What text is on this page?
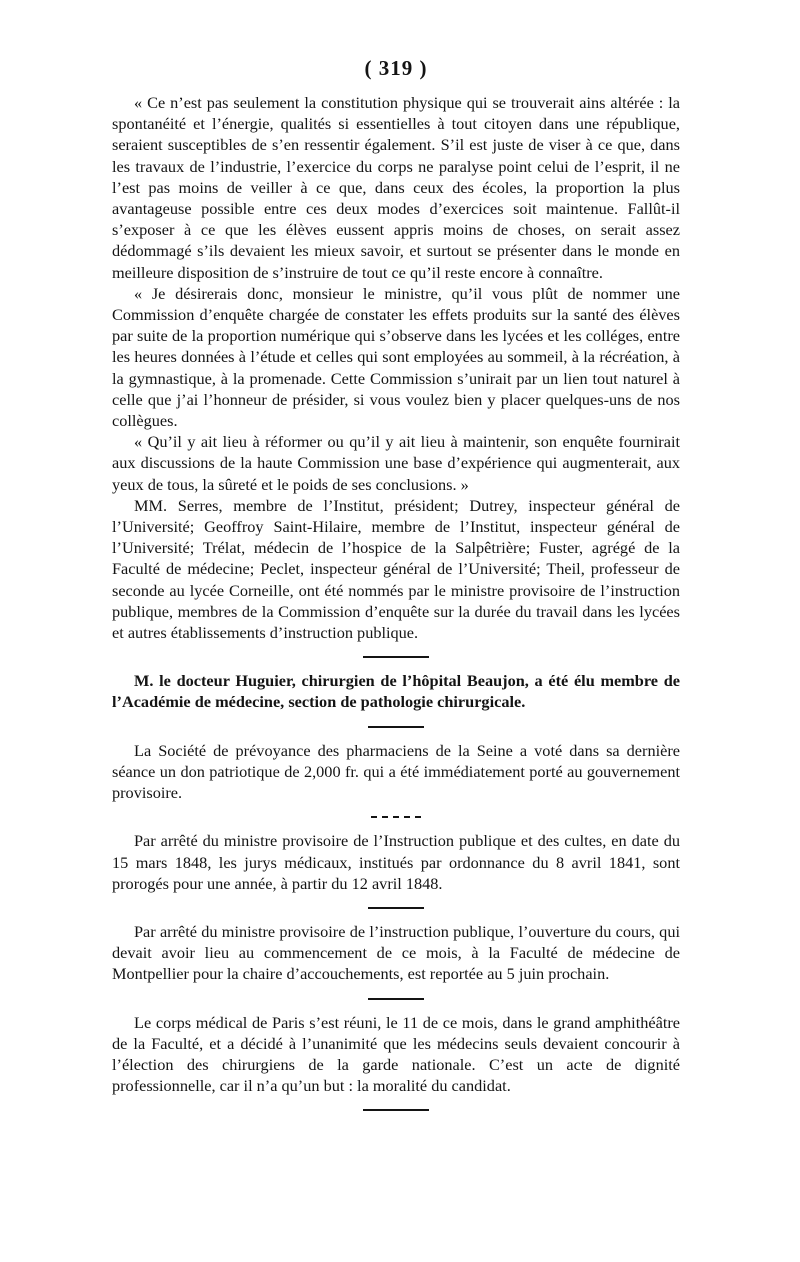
( 319 )

« Ce n’est pas seulement la constitution physique qui se trouverait ains altérée : la spontanéité et l’énergie, qualités si essentielles à tout citoyen dans une république, seraient susceptibles de s’en ressentir également. S’il est juste de viser à ce que, dans les travaux de l’industrie, l’exercice du corps ne paralyse point celui de l’esprit, il ne l’est pas moins de veiller à ce que, dans ceux des écoles, la proportion la plus avantageuse possible entre ces deux modes d’exercices soit maintenue. Fallût-il s’exposer à ce que les élèves eussent appris moins de choses, on serait assez dédommagé s’ils devaient les mieux savoir, et surtout se présenter dans le monde en meilleure disposition de s’instruire de tout ce qu’il reste encore à connaître.

« Je désirerais donc, monsieur le ministre, qu’il vous plût de nommer une Commission d’enquête chargée de constater les effets produits sur la santé des élèves par suite de la proportion numérique qui s’observe dans les lycées et les colléges, entre les heures données à l’étude et celles qui sont employées au sommeil, à la récréation, à la gymnastique, à la promenade. Cette Commission s’unirait par un lien tout naturel à celle que j’ai l’honneur de présider, si vous voulez bien y placer quelques-uns de nos collègues.

« Qu’il y ait lieu à réformer ou qu’il y ait lieu à maintenir, son enquête fournirait aux discussions de la haute Commission une base d’expérience qui augmenterait, aux yeux de tous, la sûreté et le poids de ses conclusions. »

MM. Serres, membre de l’Institut, président; Dutrey, inspecteur général de l’Université; Geoffroy Saint-Hilaire, membre de l’Institut, inspecteur général de l’Université; Trélat, médecin de l’hospice de la Salpêtrière; Fuster, agrégé de la Faculté de médecine; Peclet, inspecteur général de l’Université; Theil, professeur de seconde au lycée Corneille, ont été nommés par le ministre provisoire de l’instruction publique, membres de la Commission d’enquête sur la durée du travail dans les lycées et autres établissements d’instruction publique.

M. le docteur Huguier, chirurgien de l’hôpital Beaujon, a été élu membre de l’Académie de médecine, section de pathologie chirurgicale.

La Société de prévoyance des pharmaciens de la Seine a voté dans sa dernière séance un don patriotique de 2,000 fr. qui a été immédiatement porté au gouvernement provisoire.

Par arrêté du ministre provisoire de l’Instruction publique et des cultes, en date du 15 mars 1848, les jurys médicaux, institués par ordonnance du 8 avril 1841, sont prorogés pour une année, à partir du 12 avril 1848.

Par arrêté du ministre provisoire de l’instruction publique, l’ouverture du cours, qui devait avoir lieu au commencement de ce mois, à la Faculté de médecine de Montpellier pour la chaire d’accouchements, est reportée au 5 juin prochain.

Le corps médical de Paris s’est réuni, le 11 de ce mois, dans le grand amphithéâtre de la Faculté, et a décidé à l’unanimité que les médecins seuls devaient concourir à l’élection des chirurgiens de la garde nationale. C’est un acte de dignité professionnelle, car il n’a qu’un but : la moralité du candidat.
